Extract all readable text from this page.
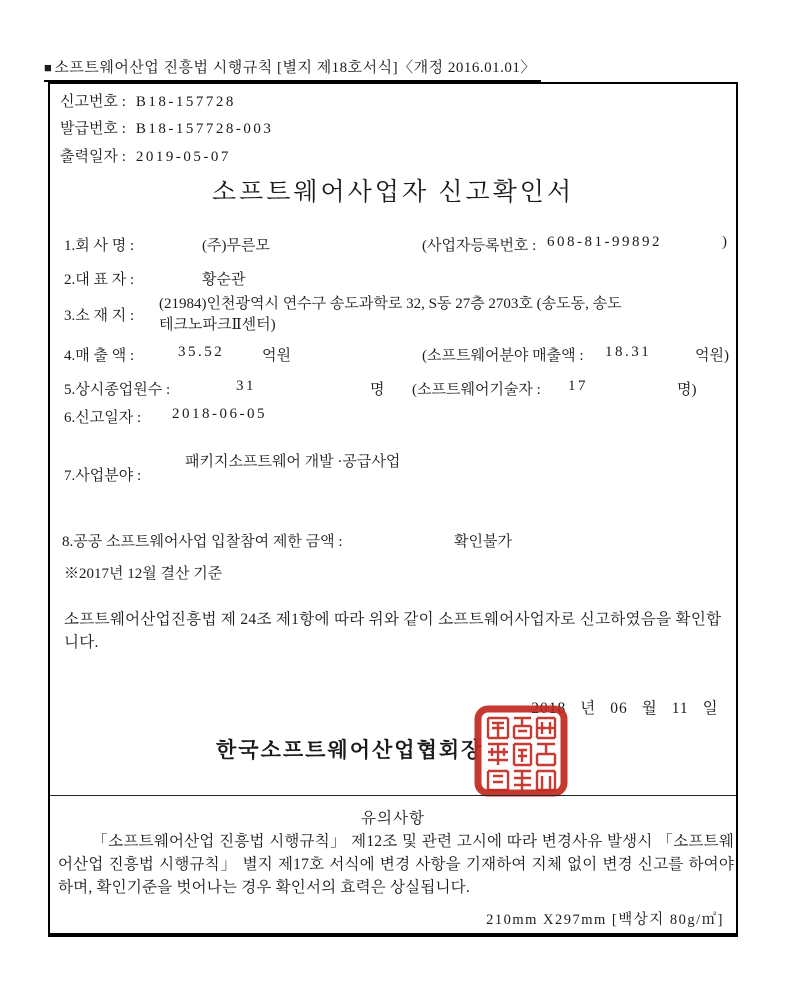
■ 소프트웨어산업 진흥법 시행규칙 [별지 제18호서식]〈개정 2016.01.01〉
신고번호 : B18-157728
발급번호 : B18-157728-003
출력일자 : 2019-05-07
소프트웨어사업자 신고확인서
1.회 사 명 :	(주)무른모	(사업자등록번호 : 608-81-99892	)
2.대 표 자 :	황순관
3.소 재 지 :
(21984)인천광역시 연수구 송도과학로 32, S동 27층 2703호 (송도동, 송도
테크노파크Ⅱ센터)
4.매 출 액 :	35.52	억원	(소프트웨어분야 매출액 : 18.31	억원)
5.상시종업원수 :	31	명 (소프트웨어기술자 : 17	명)
6.신고일자 : 2018-06-05
7.사업분야 :
패키지소프트웨어 개발 ·공급사업
8.공공 소프트웨어사업 입찰참여 제한 금액 :	확인불가
※2017년 12월 결산 기준
소프트웨어산업진흥법 제 24조 제1항에 따라 위와 같이 소프트웨어사업자로 신고하였음을 확인합니다.

2018 년 06 월 11 일

한국소프트웨어산업협회장
유의사항
「소프트웨어산업 진흥법 시행규칙」 제12조 및 관련 고시에 따라 변경사유 발생시 「소프트웨어산업 진흥법 시행규칙」 별지 제17호 서식에 변경 사항을 기재하여 지체 없이 변경 신고를 하여야 하며, 확인기준을 벗어나는 경우 확인서의 효력은 상실됩니다.
210mm X297mm [백상지 80g/㎡]
